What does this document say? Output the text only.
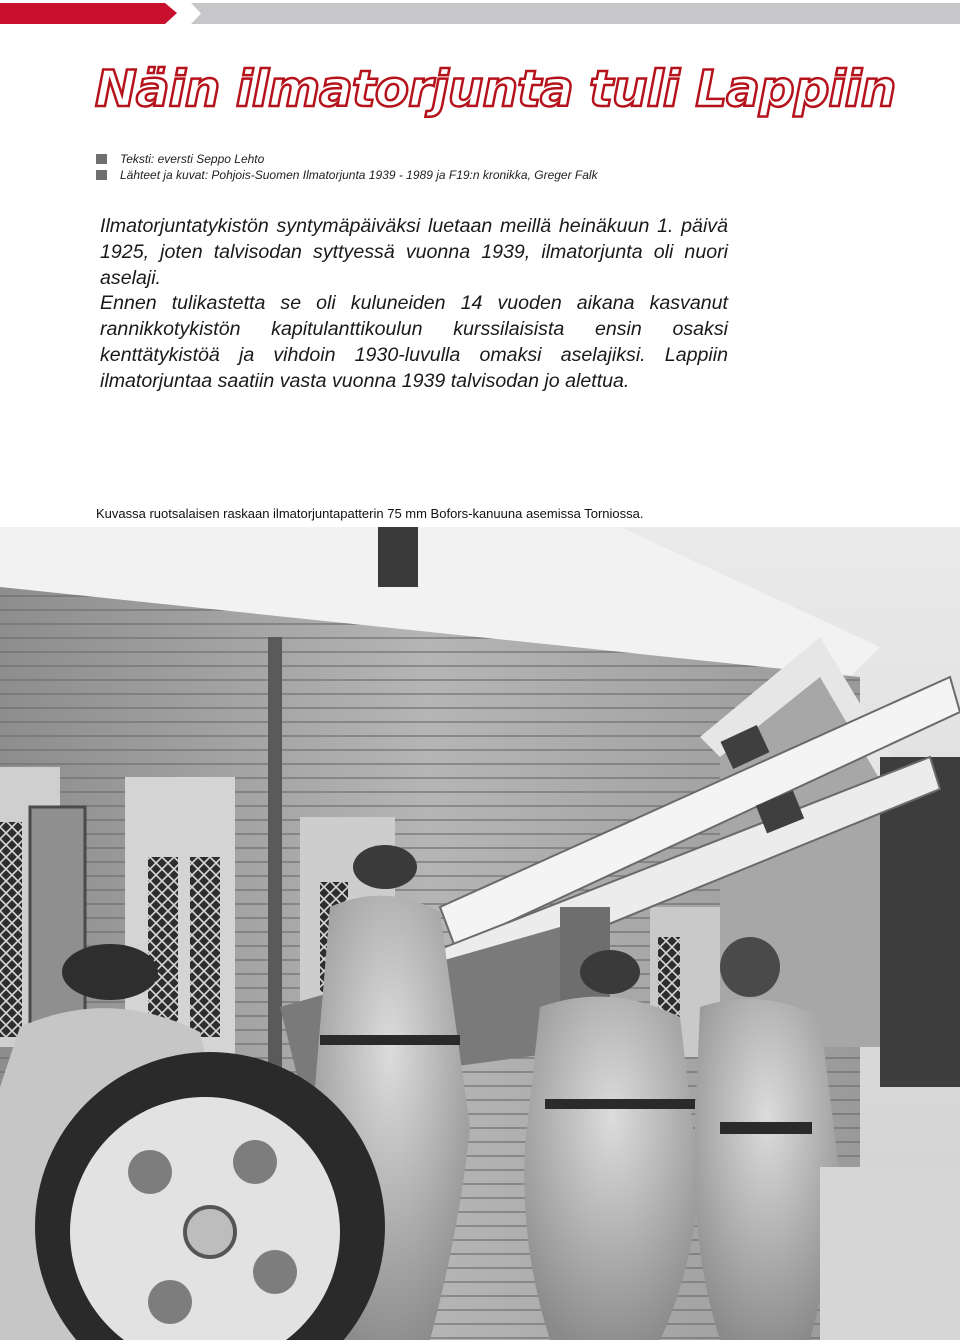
Näin ilmatorjunta tuli Lappiin
Teksti: eversti Seppo Lehto
Lähteet ja kuvat: Pohjois-Suomen Ilmatorjunta 1939 - 1989 ja F19:n kronikka, Greger Falk

Ilmatorjuntatykistön syntymäpäiväksi luetaan meillä heinäkuun 1. päivä 1925, joten talvisodan syttyessä vuonna 1939, ilmatorjunta oli nuori aselaji.

Ennen tulikastetta se oli kuluneiden 14 vuoden aikana kasvanut rannikkotykistön kapitulanttikoulun kurssilaisista ensin osaksi kenttätykistöä ja vihdoin 1930-luvulla omaksi aselajiksi. Lappiin ilmatorjuntaa saatiin vasta vuonna 1939 talvisodan jo alettua.

Kuvassa ruotsalaisen raskaan ilmatorjuntapatterin 75 mm Bofors-kanuuna asemissa Torniossa.
